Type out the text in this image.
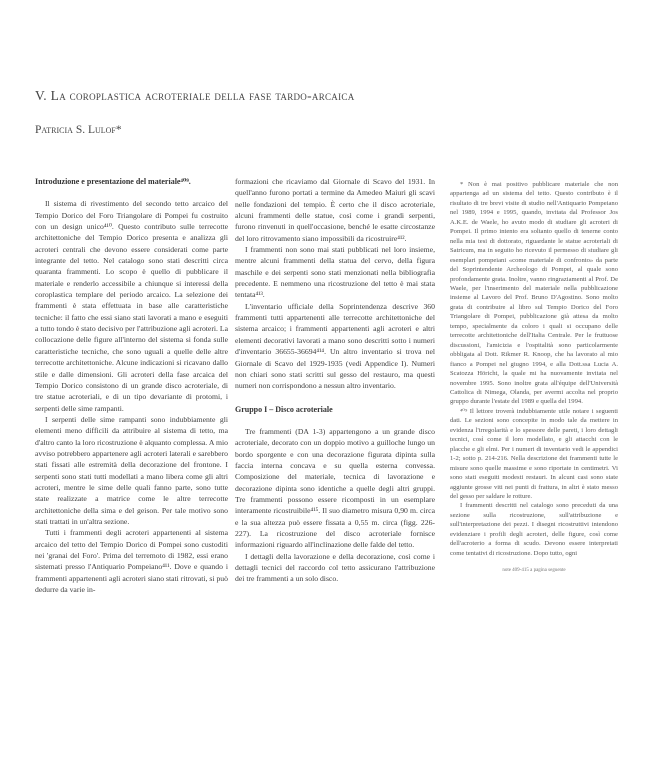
V. La coroplastica acroteriale della fase tardo-arcaica
Patricia S. Lulof*
Introduzione e presentazione del materiale⁴⁰⁹.

Il sistema di rivestimento del secondo tetto arcaico del Tempio Dorico del Foro Triangolare di Pompei fu costruito con un design unico⁴¹⁰. Questo contributo sulle terrecotte architettoniche del Tempio Dorico presenta e analizza gli acroteri centrali che devono essere considerati come parte integrante del tetto. Nel catalogo sono stati descritti circa quaranta frammenti. Lo scopo è quello di pubblicare il materiale e renderlo accessibile a chiunque si interessi della coroplastica templare del periodo arcaico. La selezione dei frammenti è stata effettuata in base alle caratteristiche tecniche: il fatto che essi siano stati lavorati a mano e eseguiti a tutto tondo è stato decisivo per l'attribuzione agli acroteri. La collocazione delle figure all'interno del sistema si fonda sulle caratteristiche tecniche, che sono uguali a quelle delle altre terrecotte architettoniche. Alcune indicazioni si ricavano dallo stile e dalle dimensioni. Gli acroteri della fase arcaica del Tempio Dorico consistono di un grande disco acroteriale, di tre statue acroteriali, e di un tipo devariante di protomi, i serpenti delle sime rampanti.

I serpenti delle sime rampanti sono indubbiamente gli elementi meno difficili da attribuire al sistema di tetto, ma d'altro canto la loro ricostruzione è alquanto complessa. A mio avviso potrebbero appartenere agli acroteri laterali e sarebbero stati fissati alle estremità della decorazione del frontone. I serpenti sono stati tutti modellati a mano libera come gli altri acroteri, mentre le sime delle quali fanno parte, sono tutte state realizzate a matrice come le altre terrecotte architettoniche della sima e del geison. Per tale motivo sono stati trattati in un'altra sezione.

Tutti i frammenti degli acroteri appartenenti al sistema arcaico del tetto del Tempio Dorico di Pompei sono custoditi nei 'granai del Foro'. Prima del terremoto di 1982, essi erano sistemati presso l'Antiquario Pompeiano⁴¹¹. Dove e quando i frammenti appartenenti agli acroteri siano stati ritrovati, si può dedurre da varie in-

formazioni che ricaviamo dal Giornale di Scavo del 1931. In quell'anno furono portati a termine da Amedeo Maiuri gli scavi nelle fondazioni del tempio. È certo che il disco acroteriale, alcuni frammenti delle statue, così come i grandi serpenti, furono rinvenuti in quell'occasione, benché le esatte circostanze del loro ritrovamento siano impossibili da ricostruire⁴¹².

I frammenti non sono mai stati pubblicati nel loro insieme, mentre alcuni frammenti della statua del cervo, della figura maschile e dei serpenti sono stati menzionati nella bibliografia precedente. E nemmeno una ricostruzione del tetto è mai stata tentata⁴¹³.

L'inventario ufficiale della Soprintendenza descrive 360 frammenti tutti appartenenti alle terrecotte architettoniche del sistema arcaico; i frammenti appartenenti agli acroteri e altri elementi decorativi lavorati a mano sono descritti sotto i numeri d'inventario 36655-36694⁴¹⁴. Un altro inventario si trova nel Giornale di Scavo del 1929-1935 (vedi Appendice I). Numeri non chiari sono stati scritti sul gesso del restauro, ma questi numeri non corrispondono a nessun altro inventario.

Gruppo I – Disco acroteriale

Tre frammenti (DA 1-3) appartengono a un grande disco acroteriale, decorato con un doppio motivo a guilloche lungo un bordo sporgente e con una decorazione figurata dipinta sulla faccia interna concava e su quella esterna convessa. Composizione del materiale, tecnica di lavorazione e decorazione dipinta sono identiche a quelle degli altri gruppi. Tre frammenti possono essere ricomposti in un esemplare interamente ricostruibile⁴¹⁵. Il suo diametro misura 0,90 m. circa e la sua altezza può essere fissata a 0,55 m. circa (figg. 226-227). La ricostruzione del disco acroteriale fornisce informazioni riguardo all'inclinazione delle falde del tetto.

I dettagli della lavorazione e della decorazione, così come i dettagli tecnici del raccordo col tetto assicurano l'attribuzione dei tre frammenti a un solo disco.

* Non è mai positivo pubblicare materiale che non appartenga ad un sistema del tetto. Questo contributo è il risultato di tre brevi visite di studio nell'Antiquario Pompeiano nel 1989, 1994 e 1995, quando, invitata dal Professor Jos A.K.E. de Waele, ho avuto modo di studiare gli acroteri di Pompei. Il primo intento era soltanto quello di tenerne conto nella mia tesi di dottorato, riguardante le statue acroteriali di Satricum, ma in seguito ho ricevuto il permesso di studiare gli esemplari pompeiani «come materiale di confronto» da parte del Soprintendente Archeologo di Pompei, al quale sono profondamente grata. Inoltre, vanno ringraziamenti al Prof. De Waele, per l'inserimento del materiale nella pubblicazione insieme al Lavoro del Prof. Bruno D'Agostino. Sono molto grata di contribuire al libro sul Tempio Dorico del Foro Triangolare di Pompei, pubblicazione già attesa da molto tempo, specialmente da coloro i quali si occupano delle terrecotte architettoniche dell'Italia Centrale. Per le fruttuose discussioni, l'amicizia e l'ospitalità sono particolarmente obbligata al Dott. Rikmer R. Knoop, che ha lavorato al mio fianco a Pompei nel giugno 1994, e alla Dott.ssa Lucia A. Scatozza Höricht, la quale mi ha nuovamente invitata nel novembre 1995. Sono inoltre grata all'équipe dell'Università Cattolica di Nimega, Olanda, per avermi accolta nel proprio gruppo durante l'estate del 1989 e quella del 1994.

⁴⁰⁹ Il lettore troverà indubbiamente utile notare i seguenti dati. Le sezioni sono concepite in modo tale da mettere in evidenza l'irregolarità e lo spessore delle pareti, i loro dettagli tecnici, così come il loro modellato, e gli attacchi con le placche e gli elmi. Per i numeri di inventario vedi le appendici 1-2; sotto p. 214-216. Nella descrizione dei frammenti tutte le misure sono quelle massime e sono riportate in centimetri. Vi sono stati eseguiti modesti restauri. In alcuni casi sono state aggiunte grosse viti nei punti di frattura, in altri è stato messo del gesso per saldare le rotture.

I frammenti descritti nel catalogo sono preceduti da una sezione sulla ricostruzione, sull'attribuzione e sull'interpretazione dei pezzi. I disegni ricostruttivi intendono evidenziare i profili degli acroteri, delle figure, così come dell'acroterio a forma di scudo. Devono essere interpretati come tentativi di ricostruzione. Dopo tutto, ogni

note 409-415 a pagina seguente
